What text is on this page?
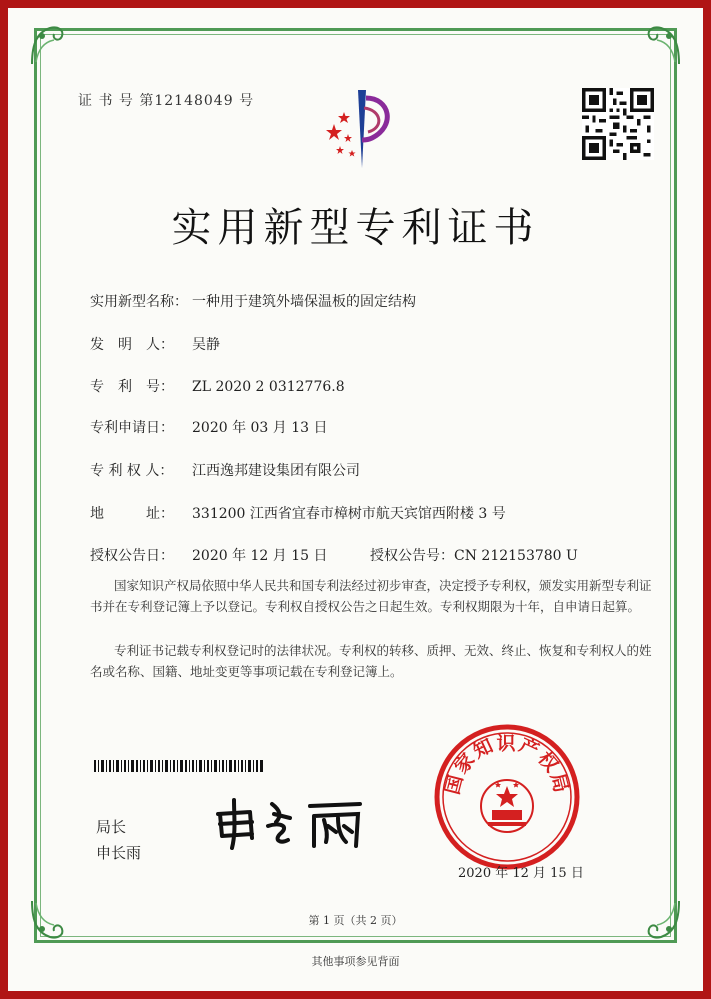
证 书 号 第12148049 号
实用新型专利证书
实用新型名称： 一种用于建筑外墙保温板的固定结构
发　明　人： 吴静
专　利　号： ZL 2020 2 0312776.8
专利申请日： 2020 年 03 月 13 日
专 利 权 人： 江西逸邦建设集团有限公司
地　　　址： 331200 江西省宜春市樟树市航天宾馆西附楼 3 号
授权公告日： 2020 年 12 月 15 日	授权公告号：CN 212153780 U
国家知识产权局依照中华人民共和国专利法经过初步审查，决定授予专利权，颁发实用新型专利证书并在专利登记簿上予以登记。专利权自授权公告之日起生效。专利权期限为十年，自申请日起算。
专利证书记载专利权登记时的法律状况。专利权的转移、质押、无效、终止、恢复和专利权人的姓名或名称、国籍、地址变更等事项记载在专利登记簿上。
局长
申长雨
国家知识产权局
2020 年 12 月 15 日
第 1 页（共 2 页）
其他事项参见背面
